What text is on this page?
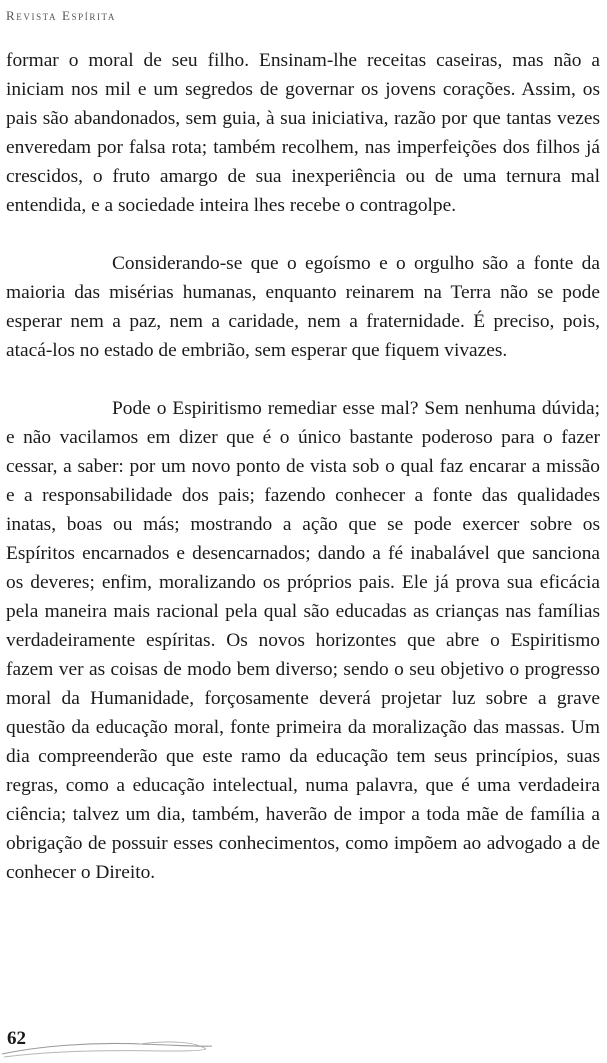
Revista Espírita

formar o moral de seu filho. Ensinam-lhe receitas caseiras, mas não a iniciam nos mil e um segredos de governar os jovens corações. Assim, os pais são abandonados, sem guia, à sua iniciativa, razão por que tantas vezes enveredam por falsa rota; também recolhem, nas imperfeições dos filhos já crescidos, o fruto amargo de sua inexperiência ou de uma ternura mal entendida, e a sociedade inteira lhes recebe o contragolpe.

Considerando-se que o egoísmo e o orgulho são a fonte da maioria das misérias humanas, enquanto reinarem na Terra não se pode esperar nem a paz, nem a caridade, nem a fraternidade. É preciso, pois, atacá-los no estado de embrião, sem esperar que fiquem vivazes.

Pode o Espiritismo remediar esse mal? Sem nenhuma dúvida; e não vacilamos em dizer que é o único bastante poderoso para o fazer cessar, a saber: por um novo ponto de vista sob o qual faz encarar a missão e a responsabilidade dos pais; fazendo conhecer a fonte das qualidades inatas, boas ou más; mostrando a ação que se pode exercer sobre os Espíritos encarnados e desencarnados; dando a fé inabalável que sanciona os deveres; enfim, moralizando os próprios pais. Ele já prova sua eficácia pela maneira mais racional pela qual são educadas as crianças nas famílias verdadeiramente espíritas. Os novos horizontes que abre o Espiritismo fazem ver as coisas de modo bem diverso; sendo o seu objetivo o progresso moral da Humanidade, forçosamente deverá projetar luz sobre a grave questão da educação moral, fonte primeira da moralização das massas. Um dia compreenderão que este ramo da educação tem seus princípios, suas regras, como a educação intelectual, numa palavra, que é uma verdadeira ciência; talvez um dia, também, haverão de impor a toda mãe de família a obrigação de possuir esses conhecimentos, como impõem ao advogado a de conhecer o Direito.

62
